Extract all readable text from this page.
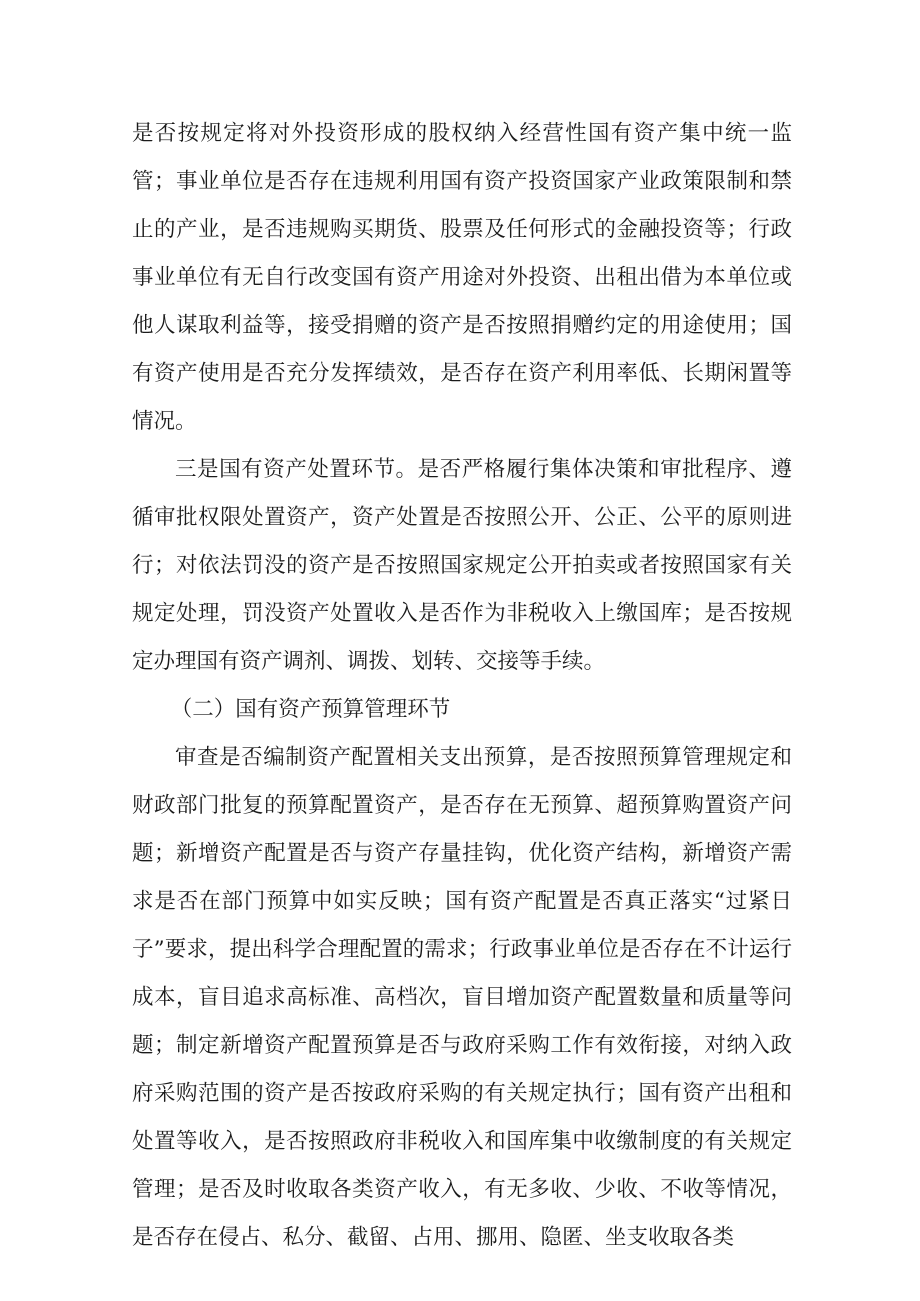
是否按规定将对外投资形成的股权纳入经营性国有资产集中统一监管；事业单位是否存在违规利用国有资产投资国家产业政策限制和禁止的产业，是否违规购买期货、股票及任何形式的金融投资等；行政事业单位有无自行改变国有资产用途对外投资、出租出借为本单位或他人谋取利益等，接受捐赠的资产是否按照捐赠约定的用途使用；国有资产使用是否充分发挥绩效，是否存在资产利用率低、长期闲置等情况。

三是国有资产处置环节。是否严格履行集体决策和审批程序、遵循审批权限处置资产，资产处置是否按照公开、公正、公平的原则进行；对依法罚没的资产是否按照国家规定公开拍卖或者按照国家有关规定处理，罚没资产处置收入是否作为非税收入上缴国库；是否按规定办理国有资产调剂、调拨、划转、交接等手续。

（二）国有资产预算管理环节

审查是否编制资产配置相关支出预算，是否按照预算管理规定和财政部门批复的预算配置资产，是否存在无预算、超预算购置资产问题；新增资产配置是否与资产存量挂钩，优化资产结构，新增资产需求是否在部门预算中如实反映；国有资产配置是否真正落实“过紧日子”要求，提出科学合理配置的需求；行政事业单位是否存在不计运行成本，盲目追求高标准、高档次，盲目增加资产配置数量和质量等问题；制定新增资产配置预算是否与政府采购工作有效衔接，对纳入政府采购范围的资产是否按政府采购的有关规定执行；国有资产出租和处置等收入，是否按照政府非税收入和国库集中收缴制度的有关规定管理；是否及时收取各类资产收入，有无多收、少收、不收等情况，是否存在侵占、私分、截留、占用、挪用、隐匿、坐支收取各类
